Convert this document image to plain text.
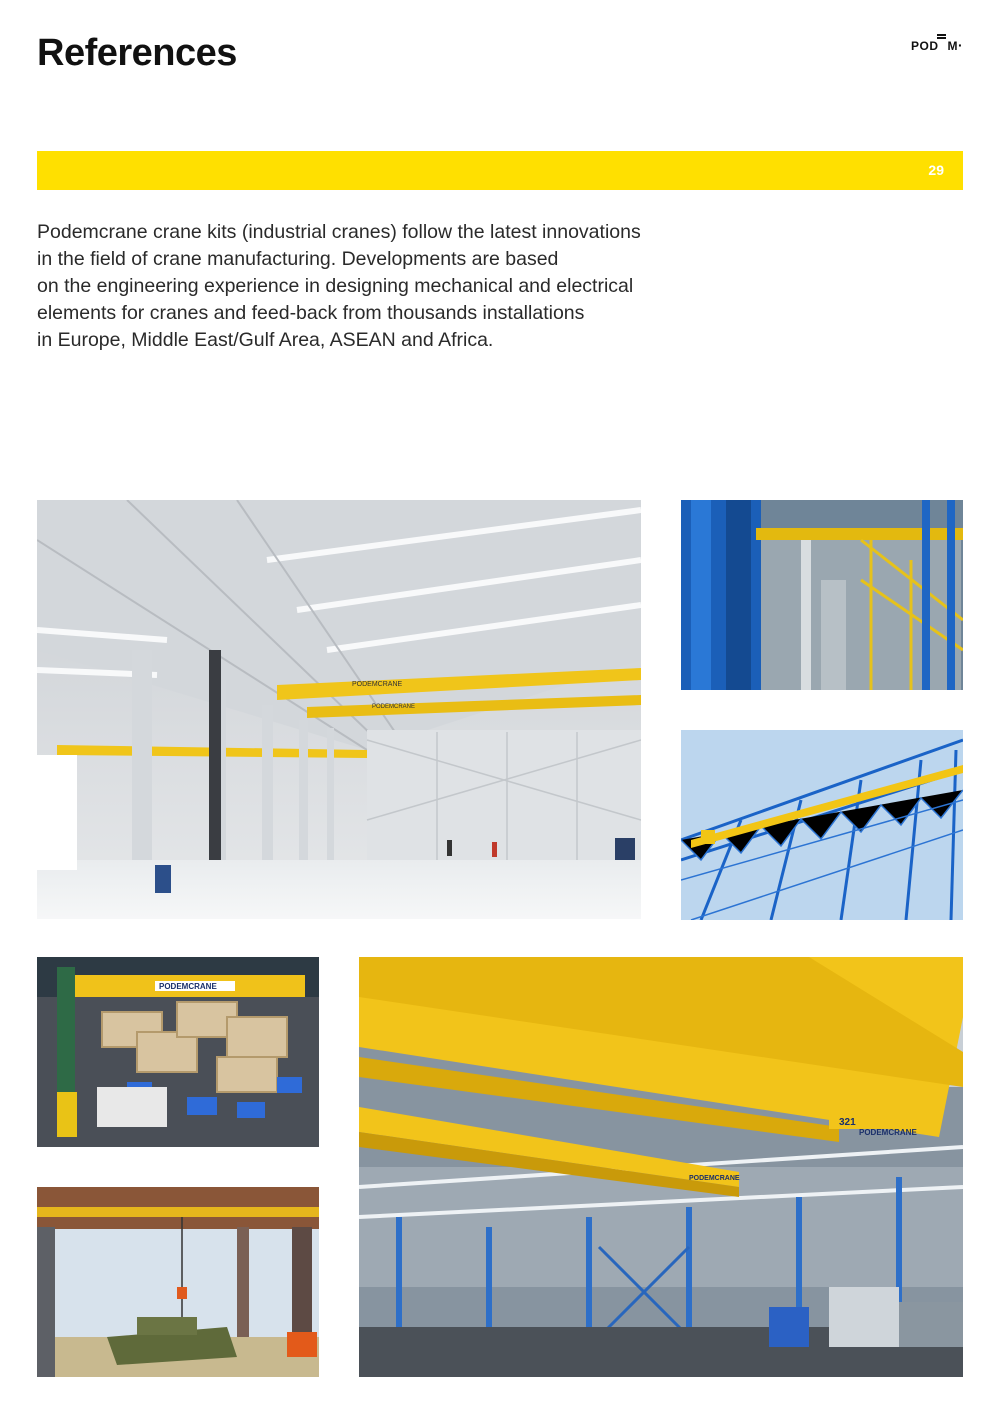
References	POD M·
29

Podemcrane crane kits (industrial cranes) follow the latest innovations
in the field of crane manufacturing. Developments are based
on the engineering experience in designing mechanical and electrical
elements for cranes and feed-back from thousands installations
in Europe, Middle East/Gulf Area, ASEAN and Africa.

PODEMCRANE
PODEMCRANE
PODEMCRANE
321
PODEMCRANE
PODEMCRANE
